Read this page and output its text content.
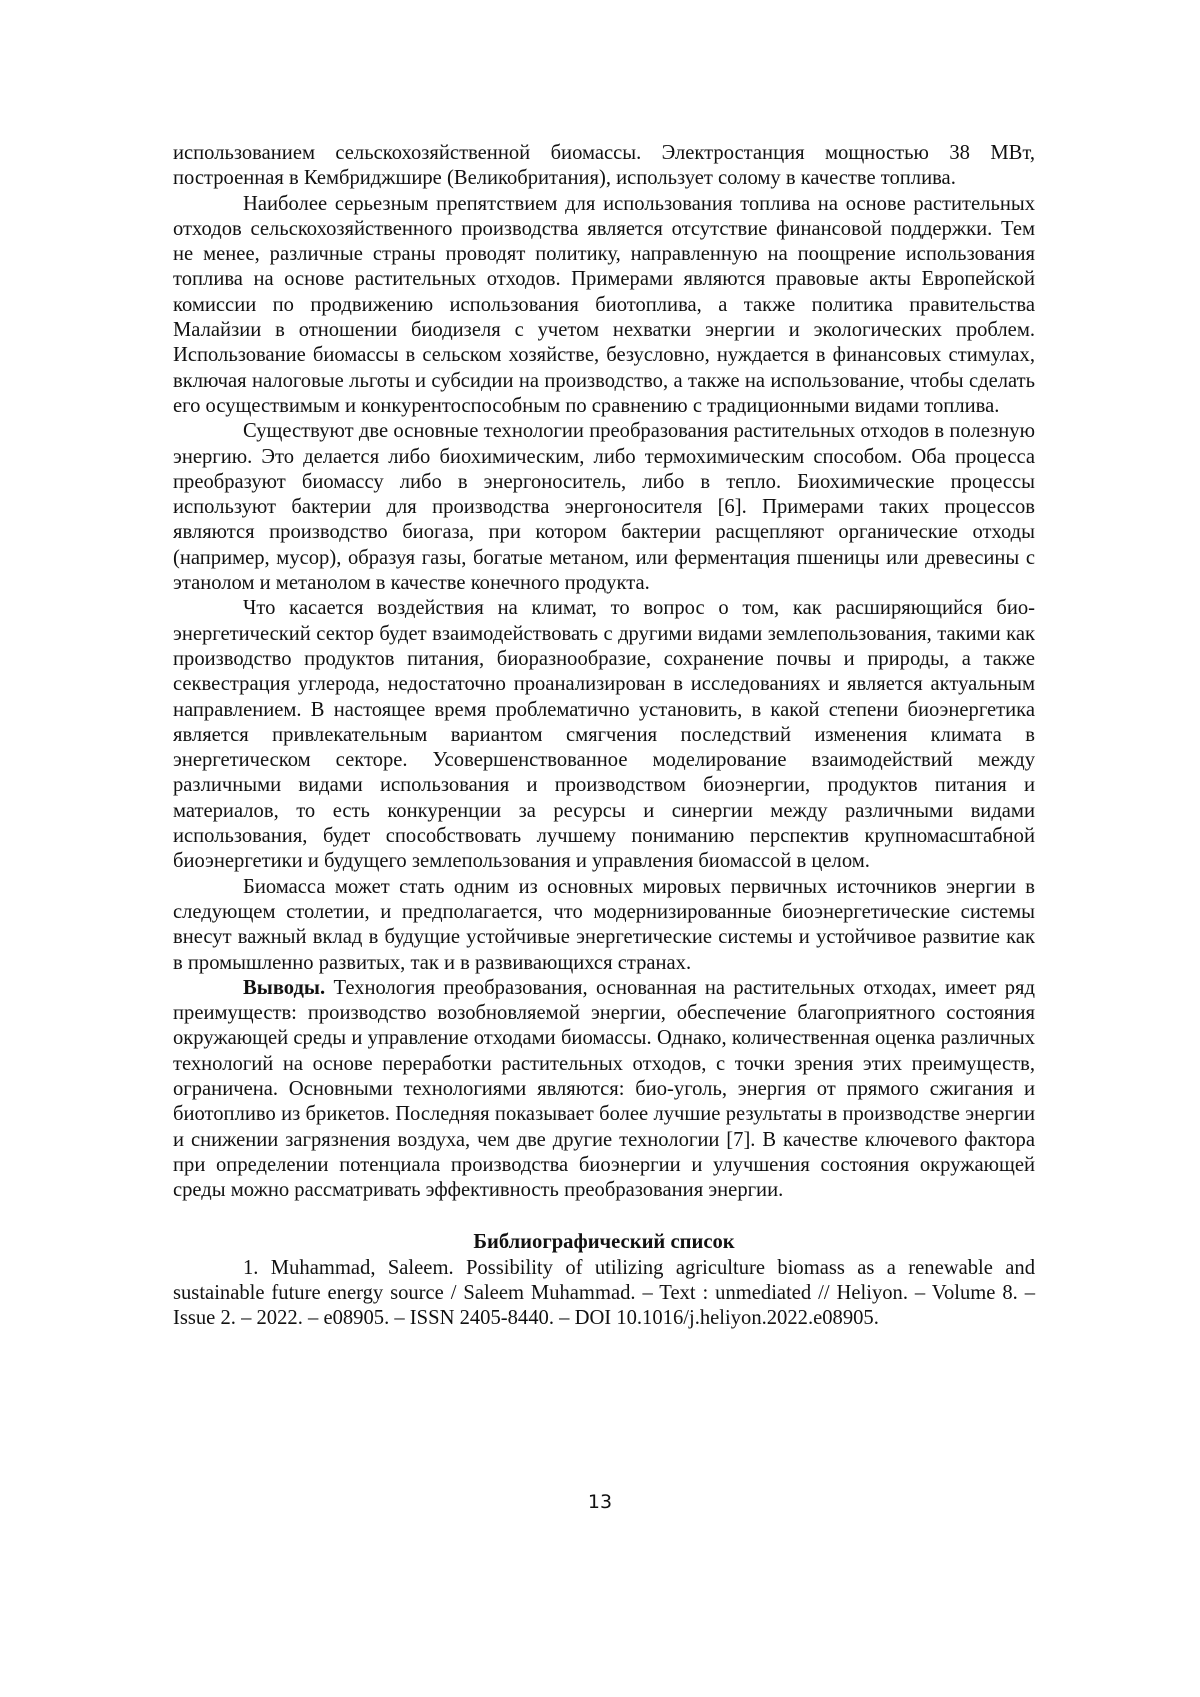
использованием сельскохозяйственной биомассы. Электростанция мощностью 38 МВт, построенная в Кембриджшире (Великобритания), использует солому в качестве топлива.

Наиболее серьезным препятствием для использования топлива на основе растительных отходов сельскохозяйственного производства является отсутствие финансовой поддержки. Тем не менее, различные страны проводят политику, направленную на поощрение использования топлива на основе растительных отходов. Примерами являются правовые акты Европейской комиссии по продвижению использования биотоплива, а также политика правительства Малайзии в отношении биодизеля с учетом нехватки энергии и экологических проблем. Использование биомассы в сельском хозяйстве, безусловно, нуждается в финансовых стимулах, включая налоговые льготы и субсидии на производство, а также на использование, чтобы сделать его осуществимым и конкурентоспособным по сравнению с традиционными видами топлива.

Существуют две основные технологии преобразования растительных отходов в полезную энергию. Это делается либо биохимическим, либо термохимическим способом. Оба процесса преобразуют биомассу либо в энергоноситель, либо в тепло. Биохимические процессы используют бактерии для производства энергоносителя [6]. Примерами таких процессов являются производство биогаза, при котором бактерии расщепляют органические отходы (например, мусор), образуя газы, богатые метаном, или ферментация пшеницы или древесины с этанолом и метанолом в качестве конечного продукта.

Что касается воздействия на климат, то вопрос о том, как расширяющийся биоэнергетический сектор будет взаимодействовать с другими видами землепользования, такими как производство продуктов питания, биоразнообразие, сохранение почвы и природы, а также секвестрация углерода, недостаточно проанализирован в исследованиях и является актуальным направлением. В настоящее время проблематично установить, в какой степени биоэнергетика является привлекательным вариантом смягчения последствий изменения климата в энергетическом секторе. Усовершенствованное моделирование взаимодействий между различными видами использования и производством биоэнергии, продуктов питания и материалов, то есть конкуренции за ресурсы и синергии между различными видами использования, будет способствовать лучшему пониманию перспектив крупномасштабной биоэнергетики и будущего землепользования и управления биомассой в целом.

Биомасса может стать одним из основных мировых первичных источников энергии в следующем столетии, и предполагается, что модернизированные биоэнергетические системы внесут важный вклад в будущие устойчивые энергетические системы и устойчивое развитие как в промышленно развитых, так и в развивающихся странах.

Выводы. Технология преобразования, основанная на растительных отходах, имеет ряд преимуществ: производство возобновляемой энергии, обеспечение благоприятного состояния окружающей среды и управление отходами биомассы. Однако, количественная оценка различных технологий на основе переработки растительных отходов, с точки зрения этих преимуществ, ограничена. Основными технологиями являются: био-уголь, энергия от прямого сжигания и биотопливо из брикетов. Последняя показывает более лучшие результаты в производстве энергии и снижении загрязнения воздуха, чем две другие технологии [7]. В качестве ключевого фактора при определении потенциала производства биоэнергии и улучшения состояния окружающей среды можно рассматривать эффективность преобразования энергии.

Библиографический список

1. Muhammad, Saleem. Possibility of utilizing agriculture biomass as a renewable and sustainable future energy source / Saleem Muhammad. – Text : unmediated // Heliyon. – Volume 8. – Issue 2. – 2022. – e08905. – ISSN 2405-8440. – DOI 10.1016/j.heliyon.2022.e08905.

13
